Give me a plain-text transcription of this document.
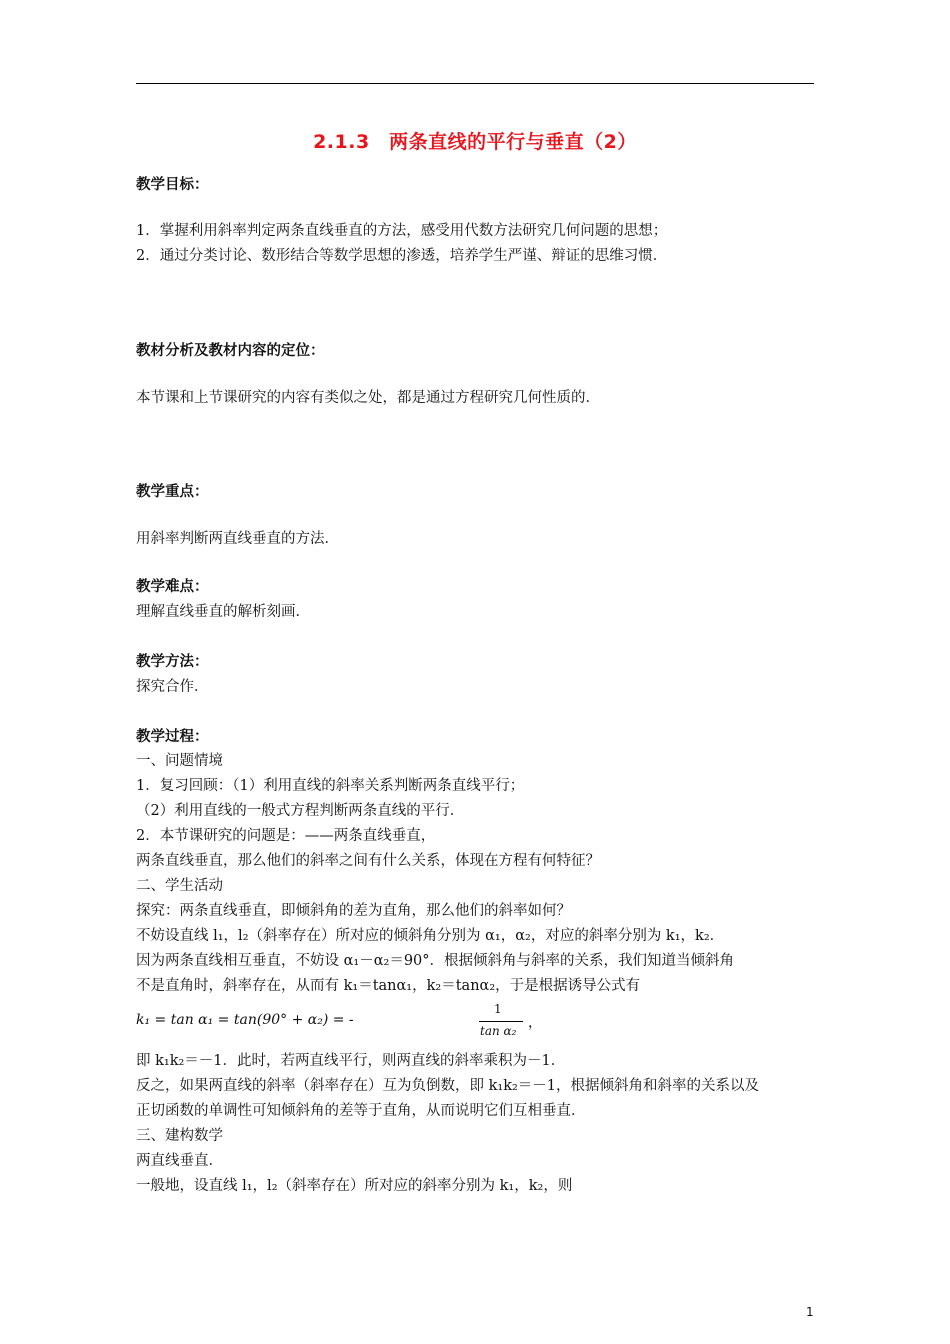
2.1.3　两条直线的平行与垂直（2）
教学目标：
1．掌握利用斜率判定两条直线垂直的方法，感受用代数方法研究几何问题的思想；
2．通过分类讨论、数形结合等数学思想的渗透，培养学生严谨、辩证的思维习惯．
教材分析及教材内容的定位：
本节课和上节课研究的内容有类似之处，都是通过方程研究几何性质的．
教学重点：
用斜率判断两直线垂直的方法．
教学难点：
理解直线垂直的解析刻画．
教学方法：
探究合作．
教学过程：
一、问题情境
1．复习回顾：（1）利用直线的斜率关系判断两条直线平行；
（2）利用直线的一般式方程判断两条直线的平行．
2．本节课研究的问题是：——两条直线垂直，
两条直线垂直，那么他们的斜率之间有什么关系，体现在方程有何特征？
二、学生活动
探究：两条直线垂直，即倾斜角的差为直角，那么他们的斜率如何？
不妨设直线 l₁，l₂（斜率存在）所对应的倾斜角分别为 α₁，α₂，对应的斜率分别为 k₁，k₂．
因为两条直线相互垂直，不妨设 α₁－α₂＝90°．根据倾斜角与斜率的关系，我们知道当倾斜角
不是直角时，斜率存在，从而有 k₁＝tanα₁，k₂＝tanα₂，于是根据诱导公式有
k₁ = tan α₁ = tan(90° + α₂) = -
1
tan α₂ ，
即 k₁k₂＝－1．此时，若两直线平行，则两直线的斜率乘积为－1．
反之，如果两直线的斜率（斜率存在）互为负倒数，即 k₁k₂＝－1，根据倾斜角和斜率的关系以及
正切函数的单调性可知倾斜角的差等于直角，从而说明它们互相垂直．
三、建构数学
两直线垂直．
一般地，设直线 l₁，l₂（斜率存在）所对应的斜率分别为 k₁，k₂，则
1
